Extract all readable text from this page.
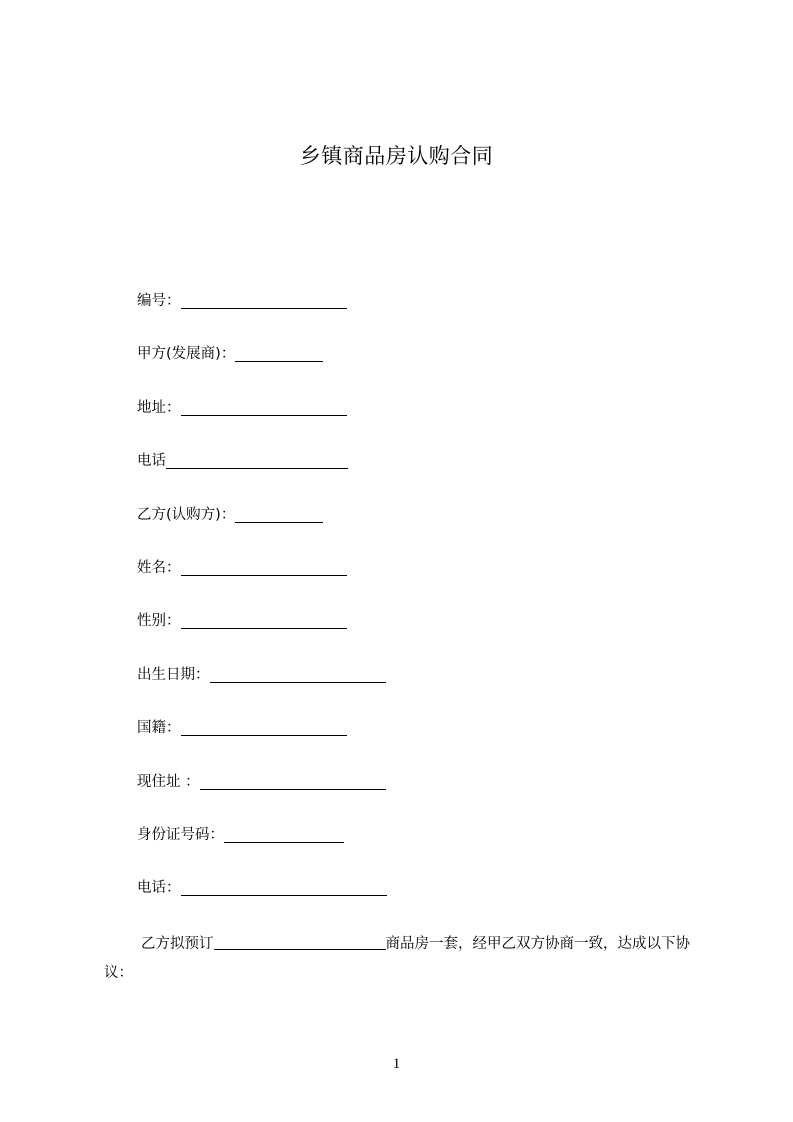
乡镇商品房认购合同
编号：
甲方(发展商)：
地址：
电话
乙方(认购方)：
姓名：
性别：
出生日期：
国籍：
现住址 ：
身份证号码：
电话：

乙方拟预订	商品房一套，经甲乙双方协商一致，达成以下协议：

1
